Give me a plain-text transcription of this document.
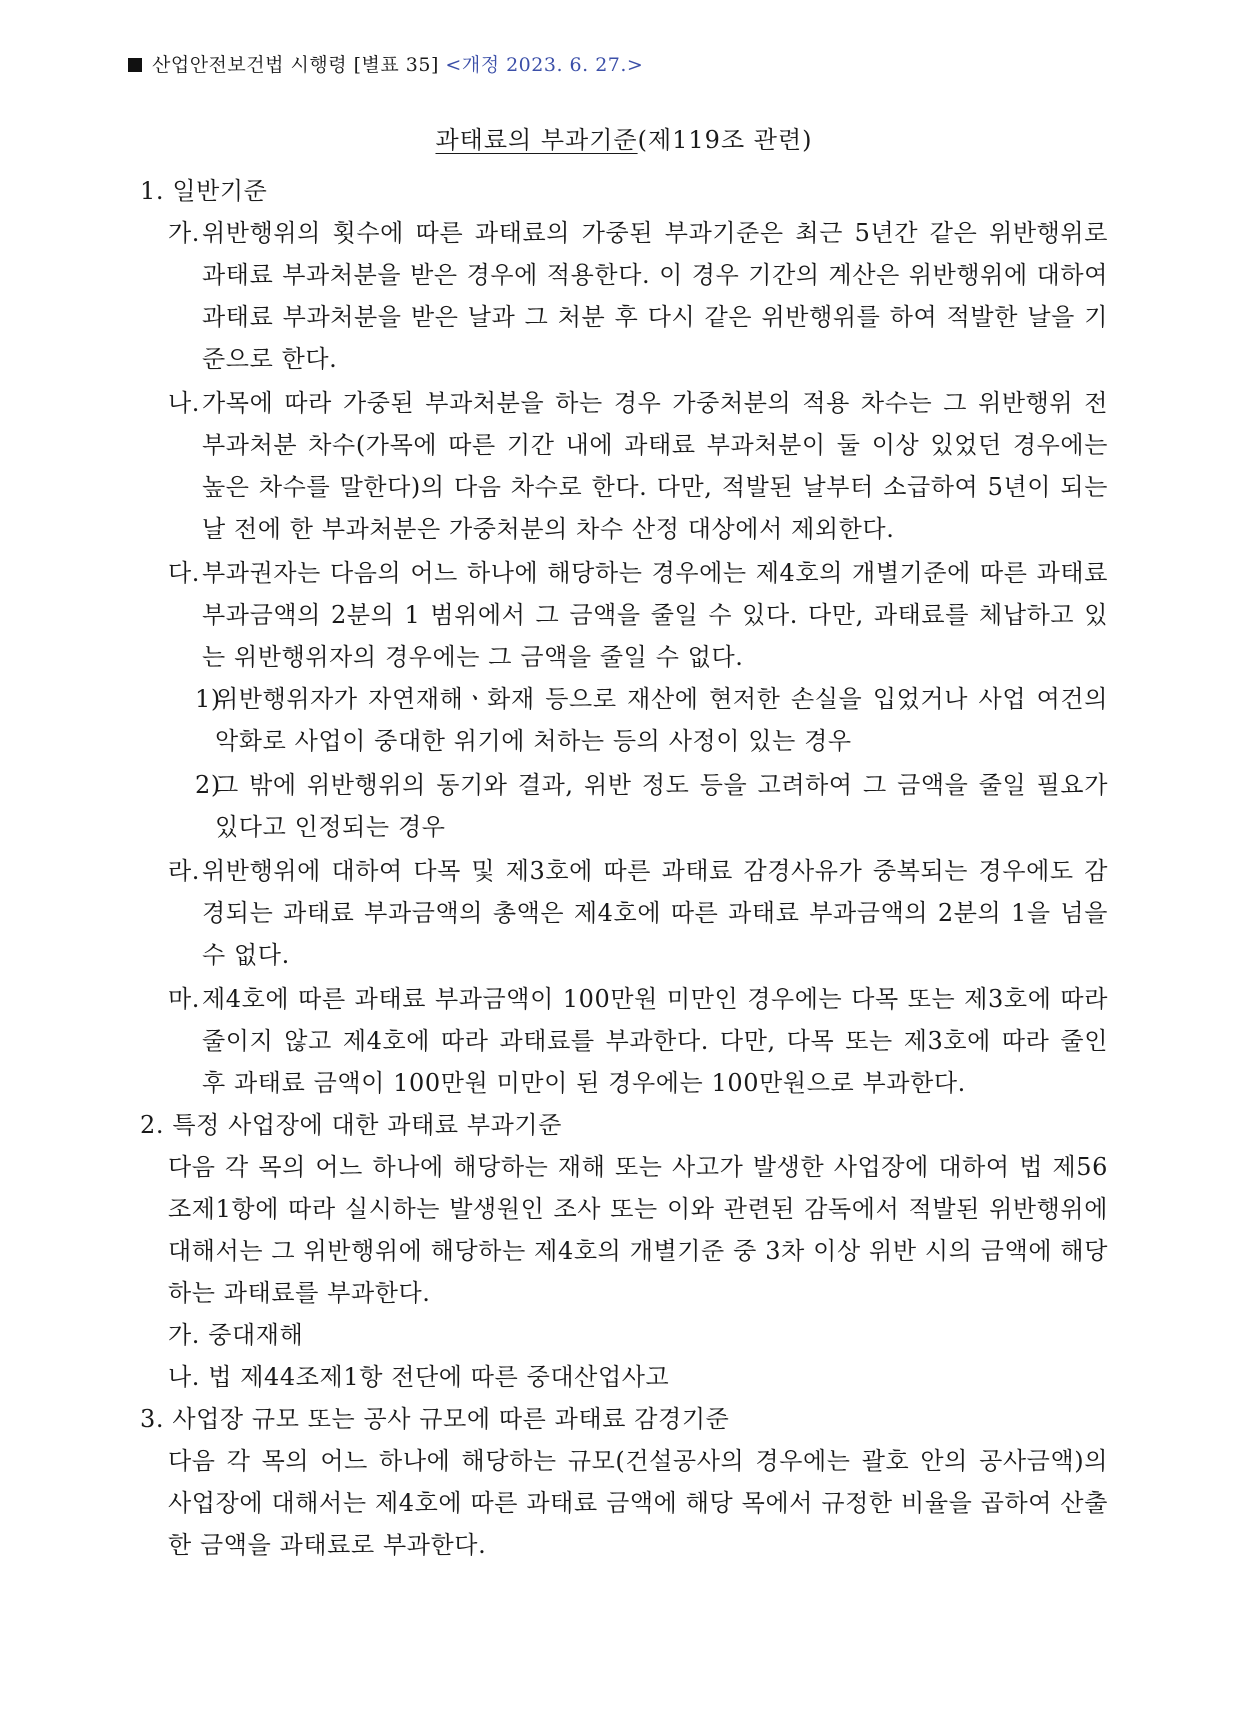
산업안전보건법 시행령 [별표 35] <개정 2023. 6. 27.>
과태료의 부과기준(제119조 관련)

1. 일반기준

가. 위반행위의 횟수에 따른 과태료의 가중된 부과기준은 최근 5년간 같은 위반행위로 과태료 부과처분을 받은 경우에 적용한다. 이 경우 기간의 계산은 위반행위에 대하여 과태료 부과처분을 받은 날과 그 처분 후 다시 같은 위반행위를 하여 적발한 날을 기준으로 한다.

나. 가목에 따라 가중된 부과처분을 하는 경우 가중처분의 적용 차수는 그 위반행위 전 부과처분 차수(가목에 따른 기간 내에 과태료 부과처분이 둘 이상 있었던 경우에는 높은 차수를 말한다)의 다음 차수로 한다. 다만, 적발된 날부터 소급하여 5년이 되는 날 전에 한 부과처분은 가중처분의 차수 산정 대상에서 제외한다.

다. 부과권자는 다음의 어느 하나에 해당하는 경우에는 제4호의 개별기준에 따른 과태료 부과금액의 2분의 1 범위에서 그 금액을 줄일 수 있다. 다만, 과태료를 체납하고 있는 위반행위자의 경우에는 그 금액을 줄일 수 없다.

1)
위반행위자가 자연재해ㆍ화재 등으로 재산에 현저한 손실을 입었거나 사업 여건의 악화로 사업이 중대한 위기에 처하는 등의 사정이 있는 경우

2)
그 밖에 위반행위의 동기와 결과, 위반 정도 등을 고려하여 그 금액을 줄일 필요가 있다고 인정되는 경우

라. 위반행위에 대하여 다목 및 제3호에 따른 과태료 감경사유가 중복되는 경우에도 감경되는 과태료 부과금액의 총액은 제4호에 따른 과태료 부과금액의 2분의 1을 넘을 수 없다.

마. 제4호에 따른 과태료 부과금액이 100만원 미만인 경우에는 다목 또는 제3호에 따라 줄이지 않고 제4호에 따라 과태료를 부과한다. 다만, 다목 또는 제3호에 따라 줄인 후 과태료 금액이 100만원 미만이 된 경우에는 100만원으로 부과한다.

2. 특정 사업장에 대한 과태료 부과기준

다음 각 목의 어느 하나에 해당하는 재해 또는 사고가 발생한 사업장에 대하여 법 제56조제1항에 따라 실시하는 발생원인 조사 또는 이와 관련된 감독에서 적발된 위반행위에 대해서는 그 위반행위에 해당하는 제4호의 개별기준 중 3차 이상 위반 시의 금액에 해당하는 과태료를 부과한다.

가. 중대재해

나. 법 제44조제1항 전단에 따른 중대산업사고

3. 사업장 규모 또는 공사 규모에 따른 과태료 감경기준

다음 각 목의 어느 하나에 해당하는 규모(건설공사의 경우에는 괄호 안의 공사금액)의 사업장에 대해서는 제4호에 따른 과태료 금액에 해당 목에서 규정한 비율을 곱하여 산출한 금액을 과태료로 부과한다.
